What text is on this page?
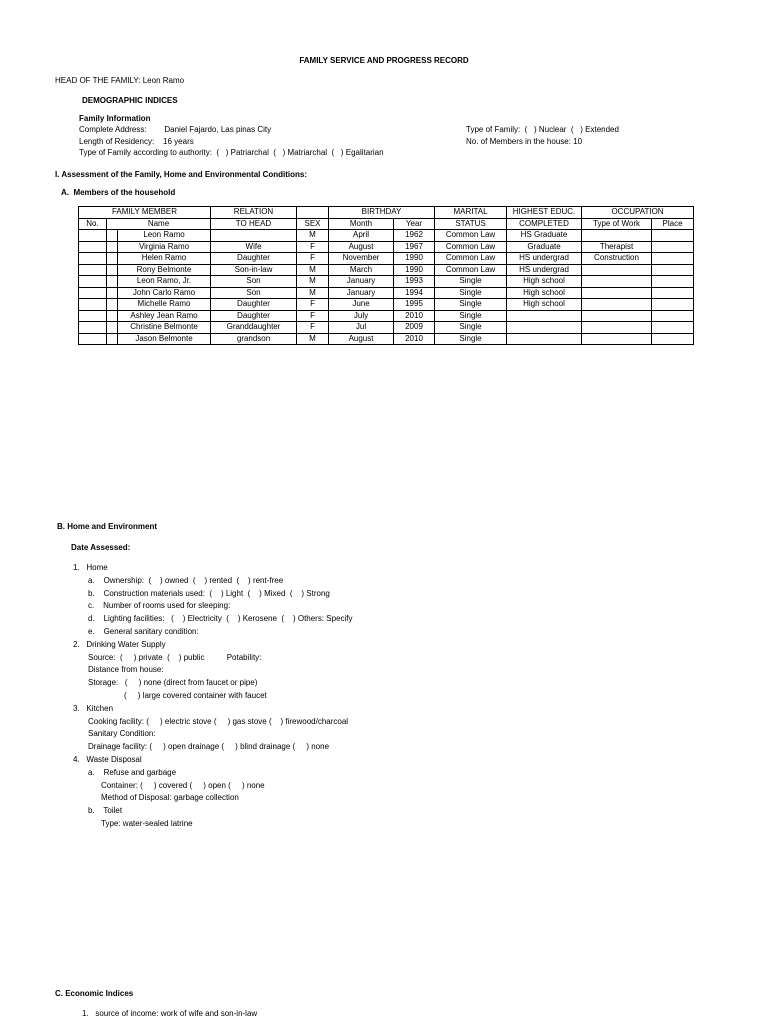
FAMILY SERVICE AND PROGRESS RECORD
HEAD OF THE FAMILY: Leon Ramo
DEMOGRAPHIC INDICES
Family Information
Complete Address:        Daniel Fajardo, Las pinas City
Length of Residency:    16 years
Type of Family according to authority:  (   ) Patriarchal  (   ) Matriarchal  (   ) Egalitarian
Type of Family:  (   ) Nuclear  (   ) Extended
No. of Members in the house: 10
I. Assessment of the Family, Home and Environmental Conditions:
A.  Members of the household
FAMILY MEMBER			RELATION		BIRTHDAY		MARITAL	HIGHEST EDUC.	OCCUPATION	
No.	Name		TO HEAD	SEX	Month	Year	STATUS	COMPLETED	Type of Work	Place
		Leon Ramo		M	April	1962	Common Law	HS Graduate		
		Virginia Ramo	Wife	F	August	1967	Common Law	Graduate	Therapist	
		Helen Ramo	Daughter	F	November	1990	Common Law	HS undergrad	Construction	
		Rony Belmonte	Son-in-law	M	March	1990	Common Law	HS undergrad		
		Leon Ramo, Jr.	Son	M	January	1993	Single	High school		
		John Carlo Ramo	Son	M	January	1994	Single	High school		
		Michelle Ramo	Daughter	F	June	1995	Single	High school		
		Ashley Jean Ramo	Daughter	F	July	2010	Single			
		Christine Belmonte	Granddaughter	F	Jul	2009	Single			
		Jason Belmonte	grandson	M	August	2010	Single			
B. Home and Environment
Date Assessed:
1.   Home
a.    Ownership:  (    ) owned  (    ) rented  (    ) rent-free
b.    Construction materials used:  (    ) Light  (    ) Mixed  (    ) Strong
c.    Number of rooms used for sleeping:
d.    Lighting facilities:   (    ) Electricity  (    ) Kerosene  (    ) Others: Specify
e.    General sanitary condition:
2.   Drinking Water Supply
Source:  (     ) private  (    ) public          Potability:
Distance from house:
Storage:   (     ) none (direct from faucet or pipe)
(     ) large covered container with faucet
3.   Kitchen
Cooking facility: (     ) electric stove (     ) gas stove (    ) firewood/charcoal
Sanitary Condition:
Drainage facility: (     ) open drainage (     ) blind drainage (     ) none
4.   Waste Disposal
a.    Refuse and garbage
Container: (     ) covered (     ) open (     ) none
Method of Disposal: garbage collection
b.    Toilet
Type: water-sealed latrine
C. Economic Indices
1.   source of income: work of wife and son-in-law
